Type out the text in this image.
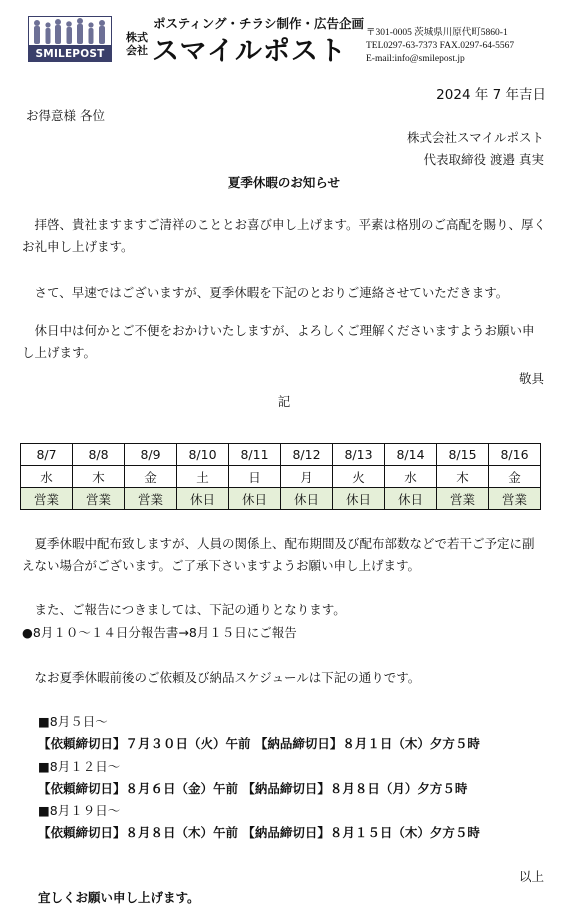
SMILEPOST
ポスティング・チラシ制作・広告企画
株式会社 スマイルポスト
〒301-0005 茨城県川原代町5860-1
TEL0297-63-7373 FAX.0297-64-5567
E-mail:info@smilepost.jp
2024 年 7 年吉日
お得意様 各位
株式会社スマイルポスト
代表取締役 渡邉 真実
夏季休暇のお知らせ
拝啓、貴社ますますご清祥のこととお喜び申し上げます。平素は格別のご高配を賜り、厚くお礼申し上げます。
さて、早速ではございますが、夏季休暇を下記のとおりご連絡させていただきます。
休日中は何かとご不便をおかけいたしますが、よろしくご理解くださいますようお願い申し上げます。
敬具
記
8/7	8/8	8/9	8/10	8/11	8/12	8/13	8/14	8/15	8/16
水	木	金	土	日	月	火	水	木	金
営業	営業	営業	休日	休日	休日	休日	休日	営業	営業
夏季休暇中配布致しますが、人員の関係上、配布期間及び配布部数などで若干ご予定に副えない場合がございます。ご了承下さいますようお願い申し上げます。
また、ご報告につきましては、下記の通りとなります。
●8月１０～１４日分報告書→8月１５日にご報告
なお夏季休暇前後のご依頼及び納品スケジュールは下記の通りです。
■8月５日～
【依頼締切日】７月３０日（火）午前 【納品締切日】８月１日（木）夕方５時
■8月１２日～
【依頼締切日】８月６日（金）午前 【納品締切日】８月８日（月）夕方５時
■8月１９日～
【依頼締切日】８月８日（木）午前 【納品締切日】８月１５日（木）夕方５時
以上
宜しくお願い申し上げます。
